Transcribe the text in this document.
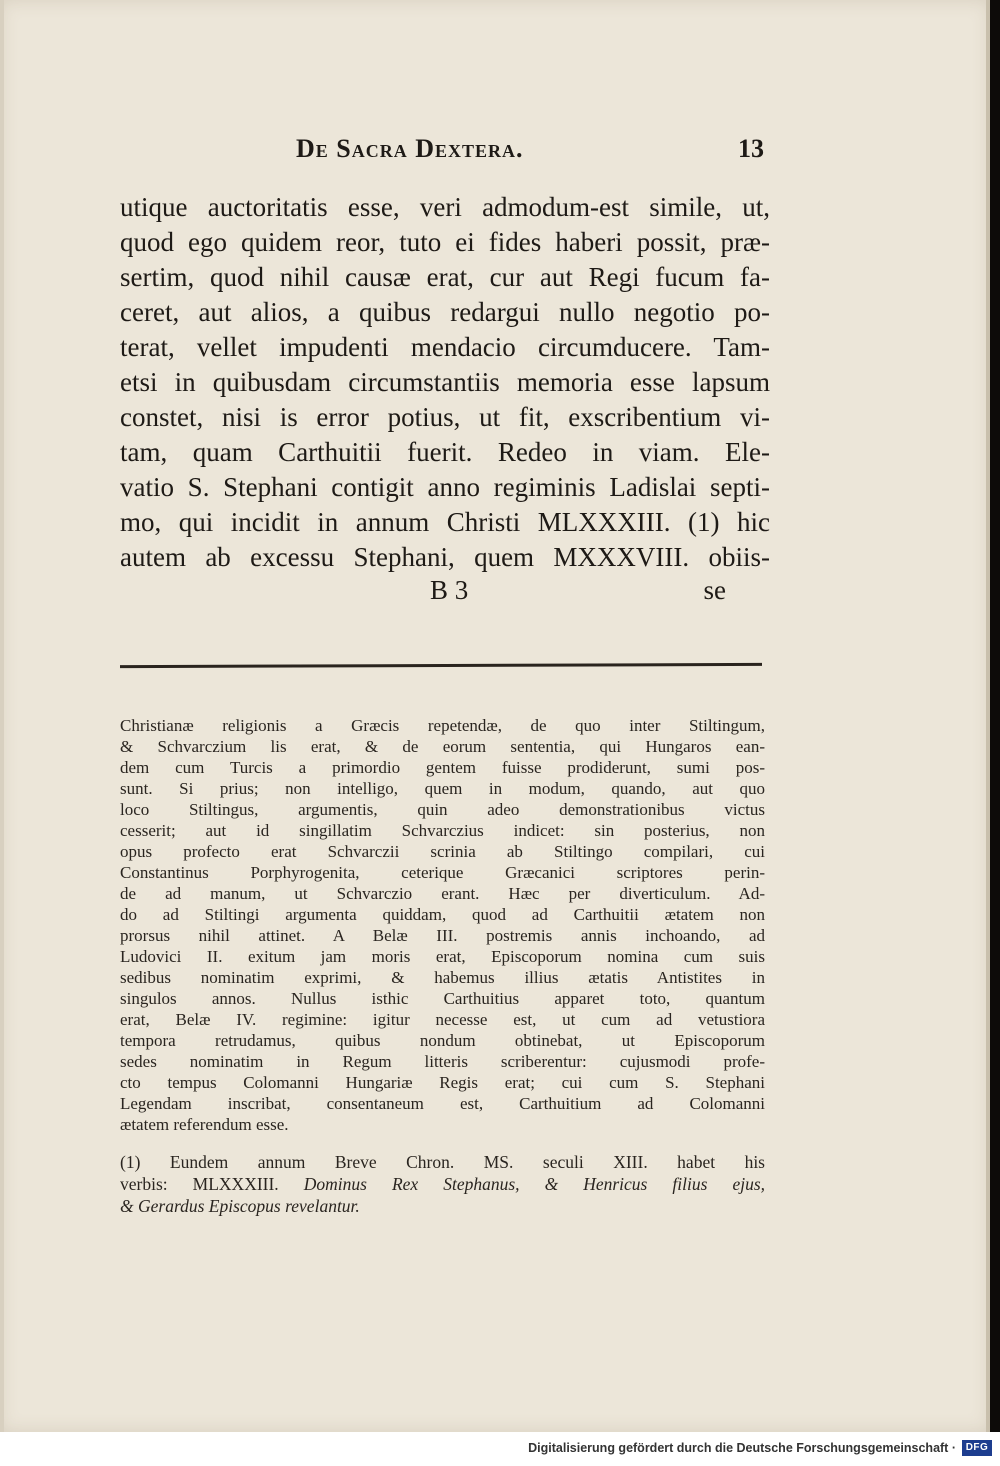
De Sacra Dextera.	13
utique auctoritatis esse, veri admodum-est simile, ut,
quod ego quidem reor, tuto ei fides haberi possit, præ-
sertim, quod nihil causæ erat, cur aut Regi fucum fa-
ceret, aut alios, a quibus redargui nullo negotio po-
terat, vellet impudenti mendacio circumducere. Tam-
etsi in quibusdam circumstantiis memoria esse lapsum
constet, nisi is error potius, ut fit, exscribentium vi-
tam, quam Carthuitii fuerit. Redeo in viam. Ele-
vatio S. Stephani contigit anno regiminis Ladislai septi-
mo, qui incidit in annum Christi MLXXXIII. (1) hic
autem ab excessu Stephani, quem MXXXVIII. obiis-
B 3	se
Christianæ religionis a Græcis repetendæ, de quo inter Stiltingum,
& Schvarczium lis erat, & de eorum sententia, qui Hungaros ean-
dem cum Turcis a primordio gentem fuisse prodiderunt, sumi pos-
sunt. Si prius; non intelligo, quem in modum, quando, aut quo
loco Stiltingus, argumentis, quin adeo demonstrationibus victus
cesserit; aut id singillatim Schvarczius indicet: sin posterius, non
opus profecto erat Schvarczii scrinia ab Stiltingo compilari, cui
Constantinus Porphyrogenita, ceterique Græcanici scriptores perin-
de ad manum, ut Schvarczio erant. Hæc per diverticulum. Ad-
do ad Stiltingi argumenta quiddam, quod ad Carthuitii ætatem non
prorsus nihil attinet. A Belæ III. postremis annis inchoando, ad
Ludovici II. exitum jam moris erat, Episcoporum nomina cum suis
sedibus nominatim exprimi, & habemus illius ætatis Antistites in
singulos annos. Nullus isthic Carthuitius apparet toto, quantum
erat, Belæ IV. regimine: igitur necesse est, ut cum ad vetustiora
tempora retrudamus, quibus nondum obtinebat, ut Episcoporum
sedes nominatim in Regum litteris scriberentur: cujusmodi profe-
cto tempus Colomanni Hungariæ Regis erat; cui cum S. Stephani
Legendam inscribat, consentaneum est, Carthuitium ad Colomanni
ætatem referendum esse.
(1) Eundem annum Breve Chron. MS. seculi XIII. habet his
verbis: MLXXXIII. Dominus Rex Stephanus, & Henricus filius ejus,
& Gerardus Episcopus revelantur.
Digitalisierung gefördert durch die Deutsche Forschungsgemeinschaft · DFG
